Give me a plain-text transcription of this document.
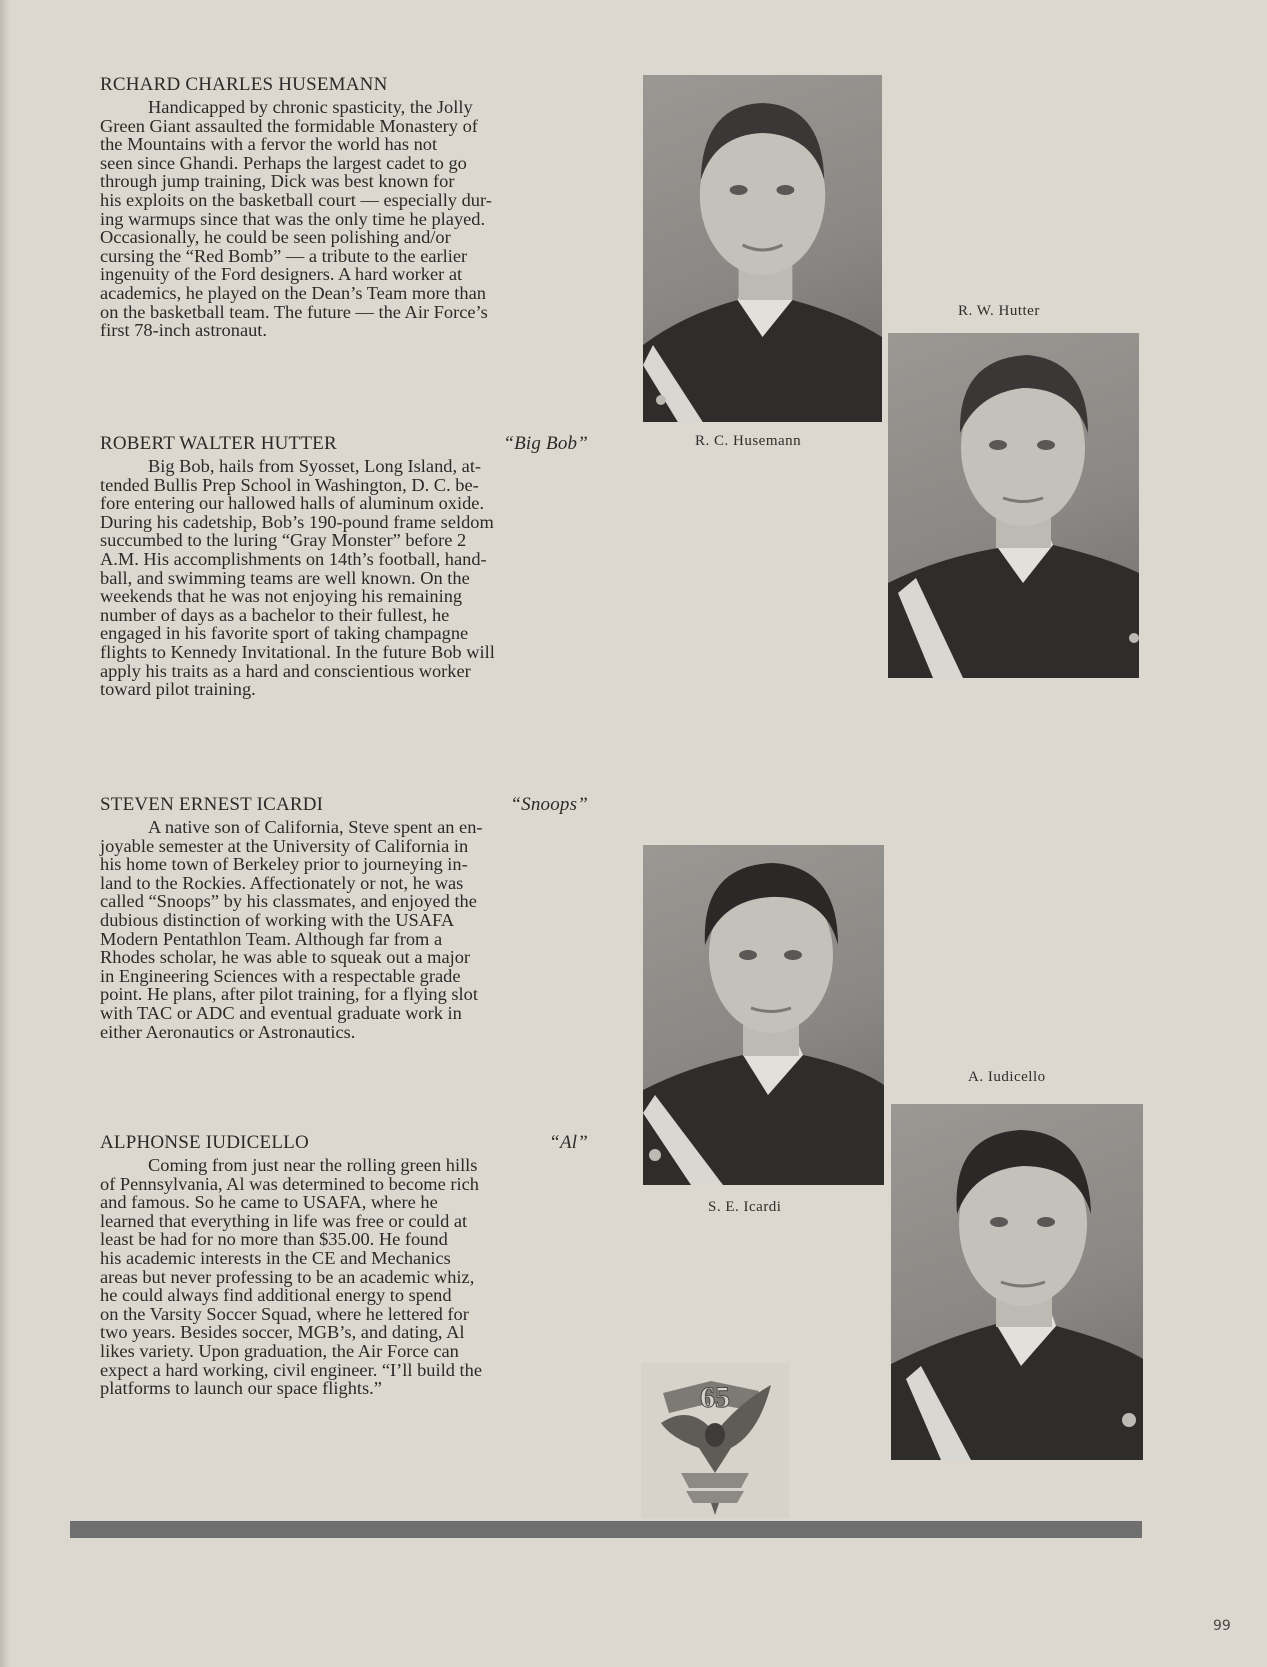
RCHARD CHARLES HUSEMANN
Handicapped by chronic spasticity, the Jolly
Green Giant assaulted the formidable Monastery of
the Mountains with a fervor the world has not
seen since Ghandi. Perhaps the largest cadet to go
through jump training, Dick was best known for
his exploits on the basketball court — especially dur-
ing warmups since that was the only time he played.
Occasionally, he could be seen polishing and/or
cursing the “Red Bomb” — a tribute to the earlier
ingenuity of the Ford designers. A hard worker at
academics, he played on the Dean’s Team more than
on the basketball team. The future — the Air Force’s
first 78-inch astronaut.
ROBERT WALTER HUTTER	“Big Bob”
Big Bob, hails from Syosset, Long Island, at-
tended Bullis Prep School in Washington, D. C. be-
fore entering our hallowed halls of aluminum oxide.
During his cadetship, Bob’s 190-pound frame seldom
succumbed to the luring “Gray Monster” before 2
A.M. His accomplishments on 14th’s football, hand-
ball, and swimming teams are well known. On the
weekends that he was not enjoying his remaining
number of days as a bachelor to their fullest, he
engaged in his favorite sport of taking champagne
flights to Kennedy Invitational. In the future Bob will
apply his traits as a hard and conscientious worker
toward pilot training.
STEVEN ERNEST ICARDI	“Snoops”
A native son of California, Steve spent an en-
joyable semester at the University of California in
his home town of Berkeley prior to journeying in-
land to the Rockies. Affectionately or not, he was
called “Snoops” by his classmates, and enjoyed the
dubious distinction of working with the USAFA
Modern Pentathlon Team. Although far from a
Rhodes scholar, he was able to squeak out a major
in Engineering Sciences with a respectable grade
point. He plans, after pilot training, for a flying slot
with TAC or ADC and eventual graduate work in
either Aeronautics or Astronautics.
ALPHONSE IUDICELLO	“Al”
Coming from just near the rolling green hills
of Pennsylvania, Al was determined to become rich
and famous. So he came to USAFA, where he
learned that everything in life was free or could at
least be had for no more than $35.00. He found
his academic interests in the CE and Mechanics
areas but never professing to be an academic whiz,
he could always find additional energy to spend
on the Varsity Soccer Squad, where he lettered for
two years. Besides soccer, MGB’s, and dating, Al
likes variety. Upon graduation, the Air Force can
expect a hard working, civil engineer. “I’ll build the
platforms to launch our space flights.”
R. C. Husemann
R. W. Hutter
S. E. Icardi
A. Iudicello
65
99
